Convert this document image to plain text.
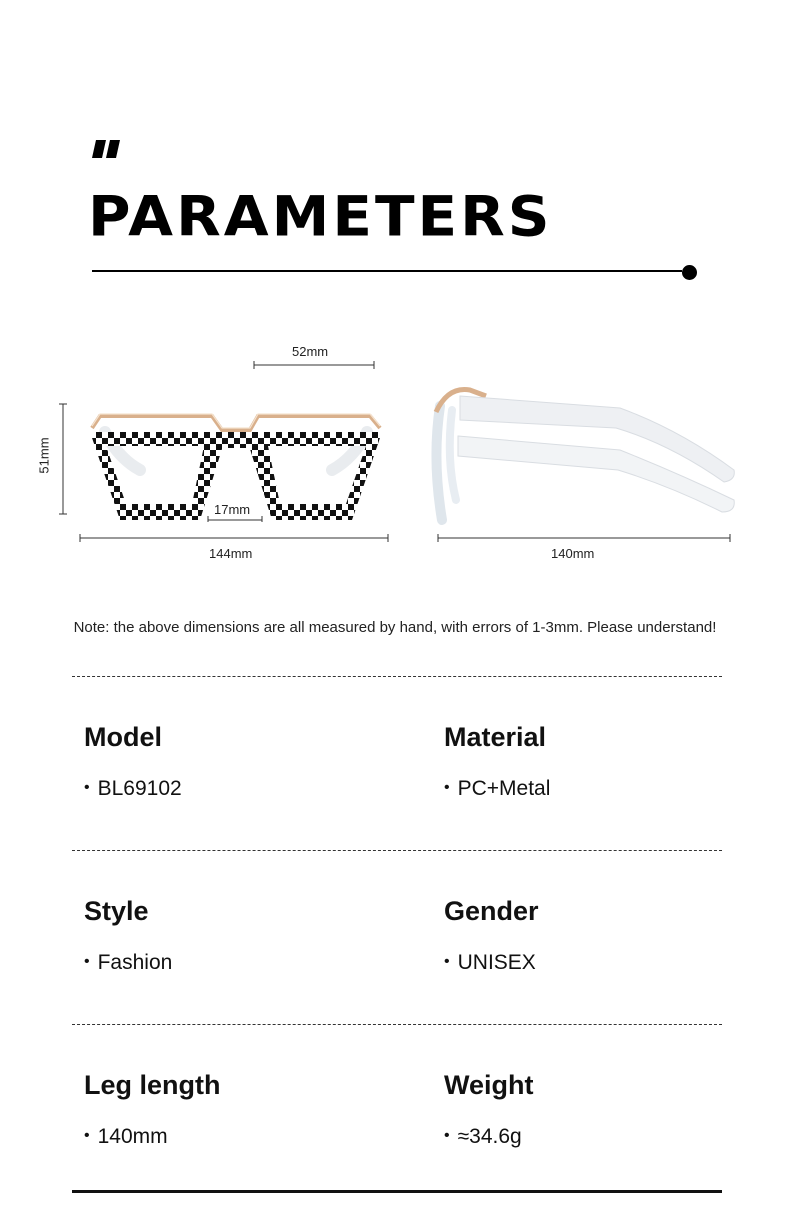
PARAMETERS
52mm
51mm
17mm
144mm	140mm
Note: the above dimensions are all measured by hand, with errors of 1-3mm. Please understand!
Model
• BL69102
Material
• PC+Metal
Style
• Fashion
Gender
• UNISEX
Leg length
• 140mm
Weight
• ≈34.6g
